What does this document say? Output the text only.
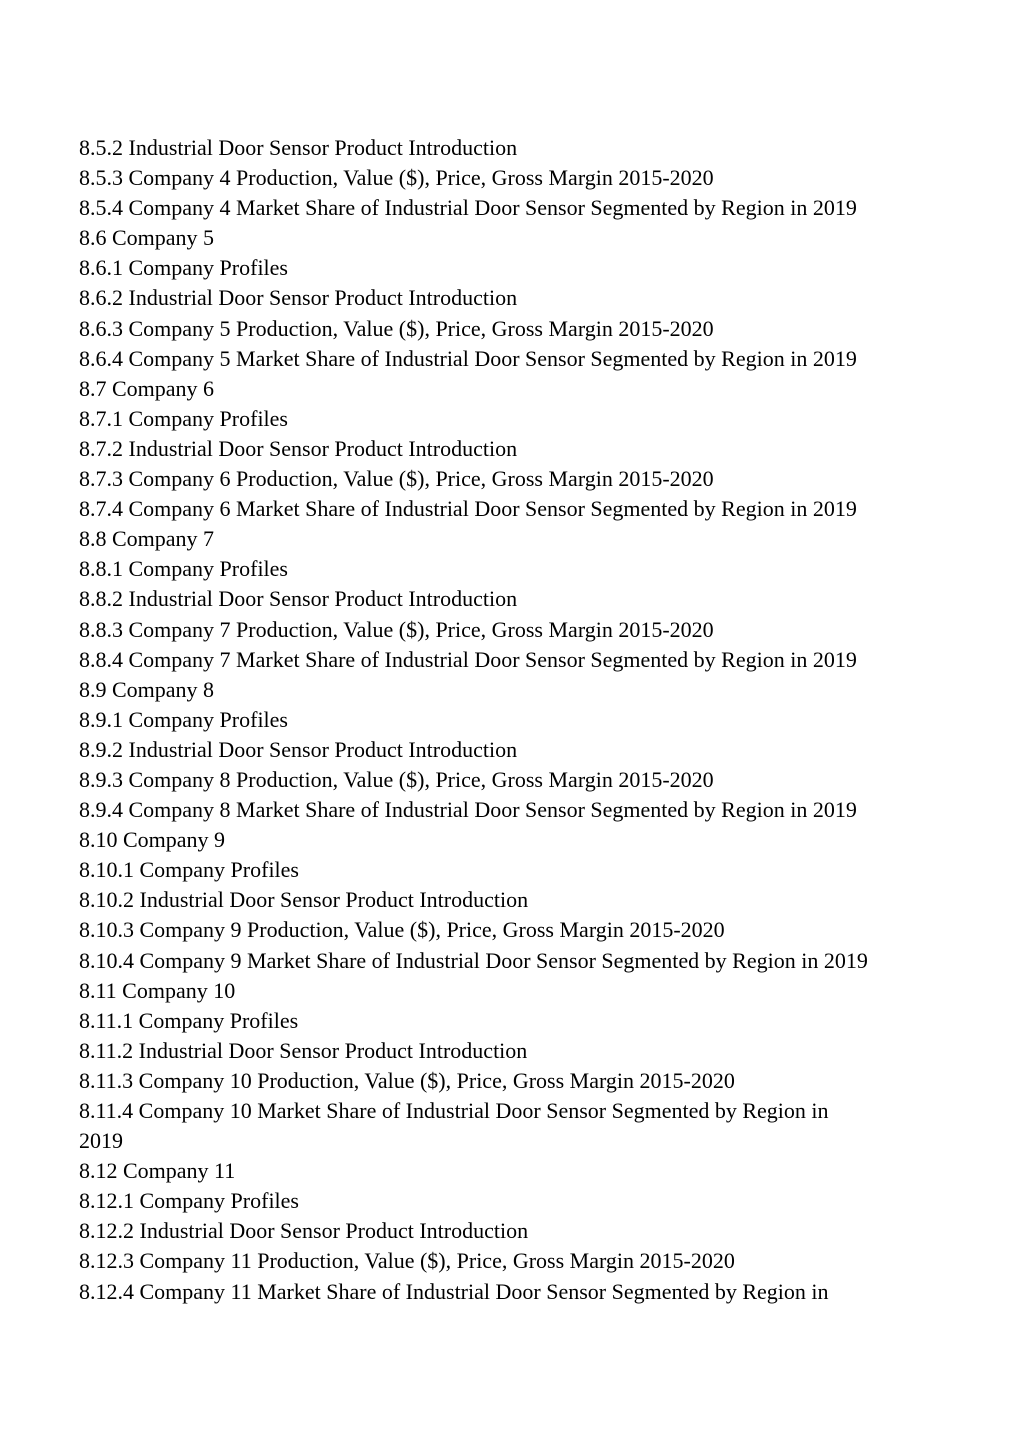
8.5.2 Industrial Door Sensor Product Introduction
8.5.3 Company 4 Production, Value ($), Price, Gross Margin 2015-2020
8.5.4 Company 4 Market Share of Industrial Door Sensor Segmented by Region in 2019
8.6 Company 5
8.6.1 Company Profiles
8.6.2 Industrial Door Sensor Product Introduction
8.6.3 Company 5 Production, Value ($), Price, Gross Margin 2015-2020
8.6.4 Company 5 Market Share of Industrial Door Sensor Segmented by Region in 2019
8.7 Company 6
8.7.1 Company Profiles
8.7.2 Industrial Door Sensor Product Introduction
8.7.3 Company 6 Production, Value ($), Price, Gross Margin 2015-2020
8.7.4 Company 6 Market Share of Industrial Door Sensor Segmented by Region in 2019
8.8 Company 7
8.8.1 Company Profiles
8.8.2 Industrial Door Sensor Product Introduction
8.8.3 Company 7 Production, Value ($), Price, Gross Margin 2015-2020
8.8.4 Company 7 Market Share of Industrial Door Sensor Segmented by Region in 2019
8.9 Company 8
8.9.1 Company Profiles
8.9.2 Industrial Door Sensor Product Introduction
8.9.3 Company 8 Production, Value ($), Price, Gross Margin 2015-2020
8.9.4 Company 8 Market Share of Industrial Door Sensor Segmented by Region in 2019
8.10 Company 9
8.10.1 Company Profiles
8.10.2 Industrial Door Sensor Product Introduction
8.10.3 Company 9 Production, Value ($), Price, Gross Margin 2015-2020
8.10.4 Company 9 Market Share of Industrial Door Sensor Segmented by Region in 2019
8.11 Company 10
8.11.1 Company Profiles
8.11.2 Industrial Door Sensor Product Introduction
8.11.3 Company 10 Production, Value ($), Price, Gross Margin 2015-2020
8.11.4 Company 10 Market Share of Industrial Door Sensor Segmented by Region in
2019
8.12 Company 11
8.12.1 Company Profiles
8.12.2 Industrial Door Sensor Product Introduction
8.12.3 Company 11 Production, Value ($), Price, Gross Margin 2015-2020
8.12.4 Company 11 Market Share of Industrial Door Sensor Segmented by Region in
